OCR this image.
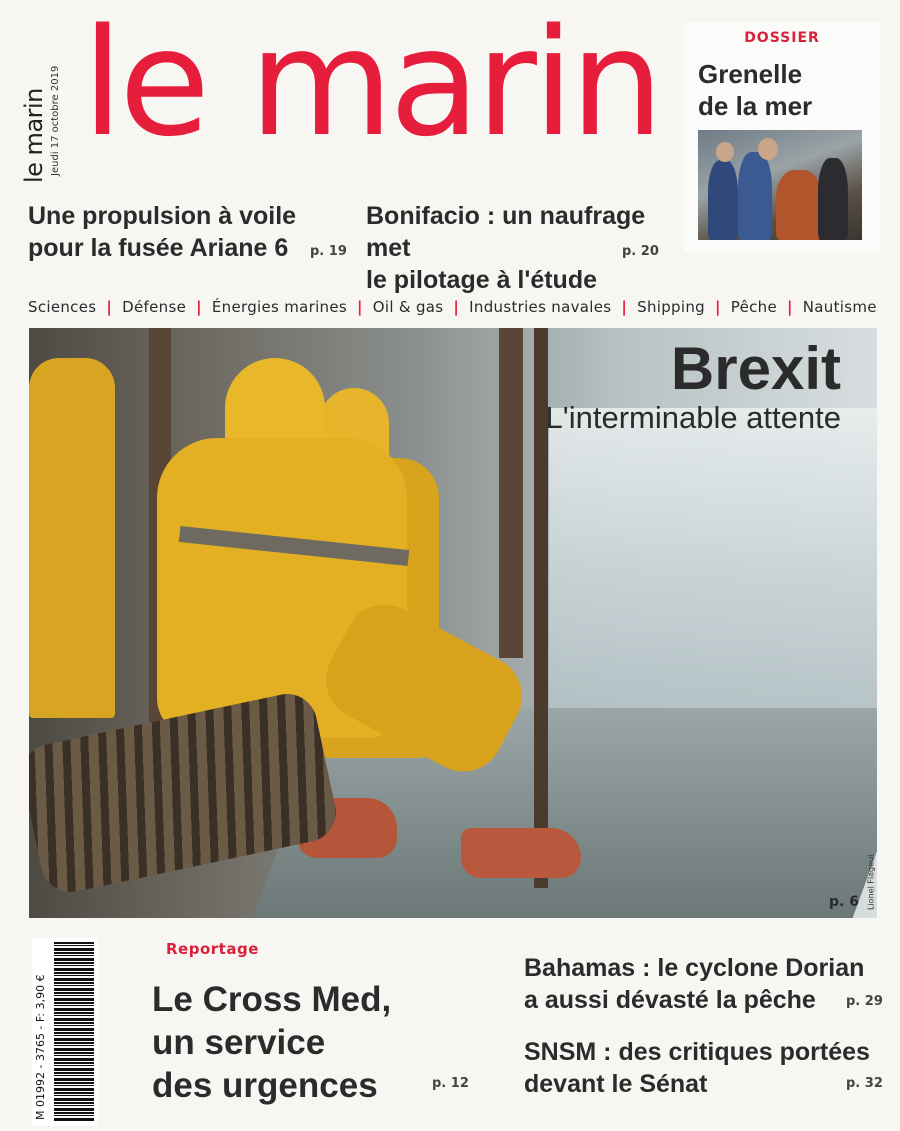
le marin Jeudi 17 octobre 2019 le marin	DOSSIER
Grenelle
de la mer
Une propulsion à voile
pour la fusée Ariane 6	p. 19
Bonifacio : un naufrage met
le pilotage à l'étude
p. 20
Sciences | Défense | Énergies marines | Oil & gas | Industries navales | Shipping | Pêche | Nautisme
Brexit
L'interminable attente
p. 6 Lionel Flageul
M 01992 - 3765 - F: 3,90 €
Reportage
Le Cross Med,
un service
des urgences	p. 12
Bahamas : le cyclone Dorian
a aussi dévasté la pêche	p. 29
SNSM : des critiques portées
devant le Sénat	p. 32
